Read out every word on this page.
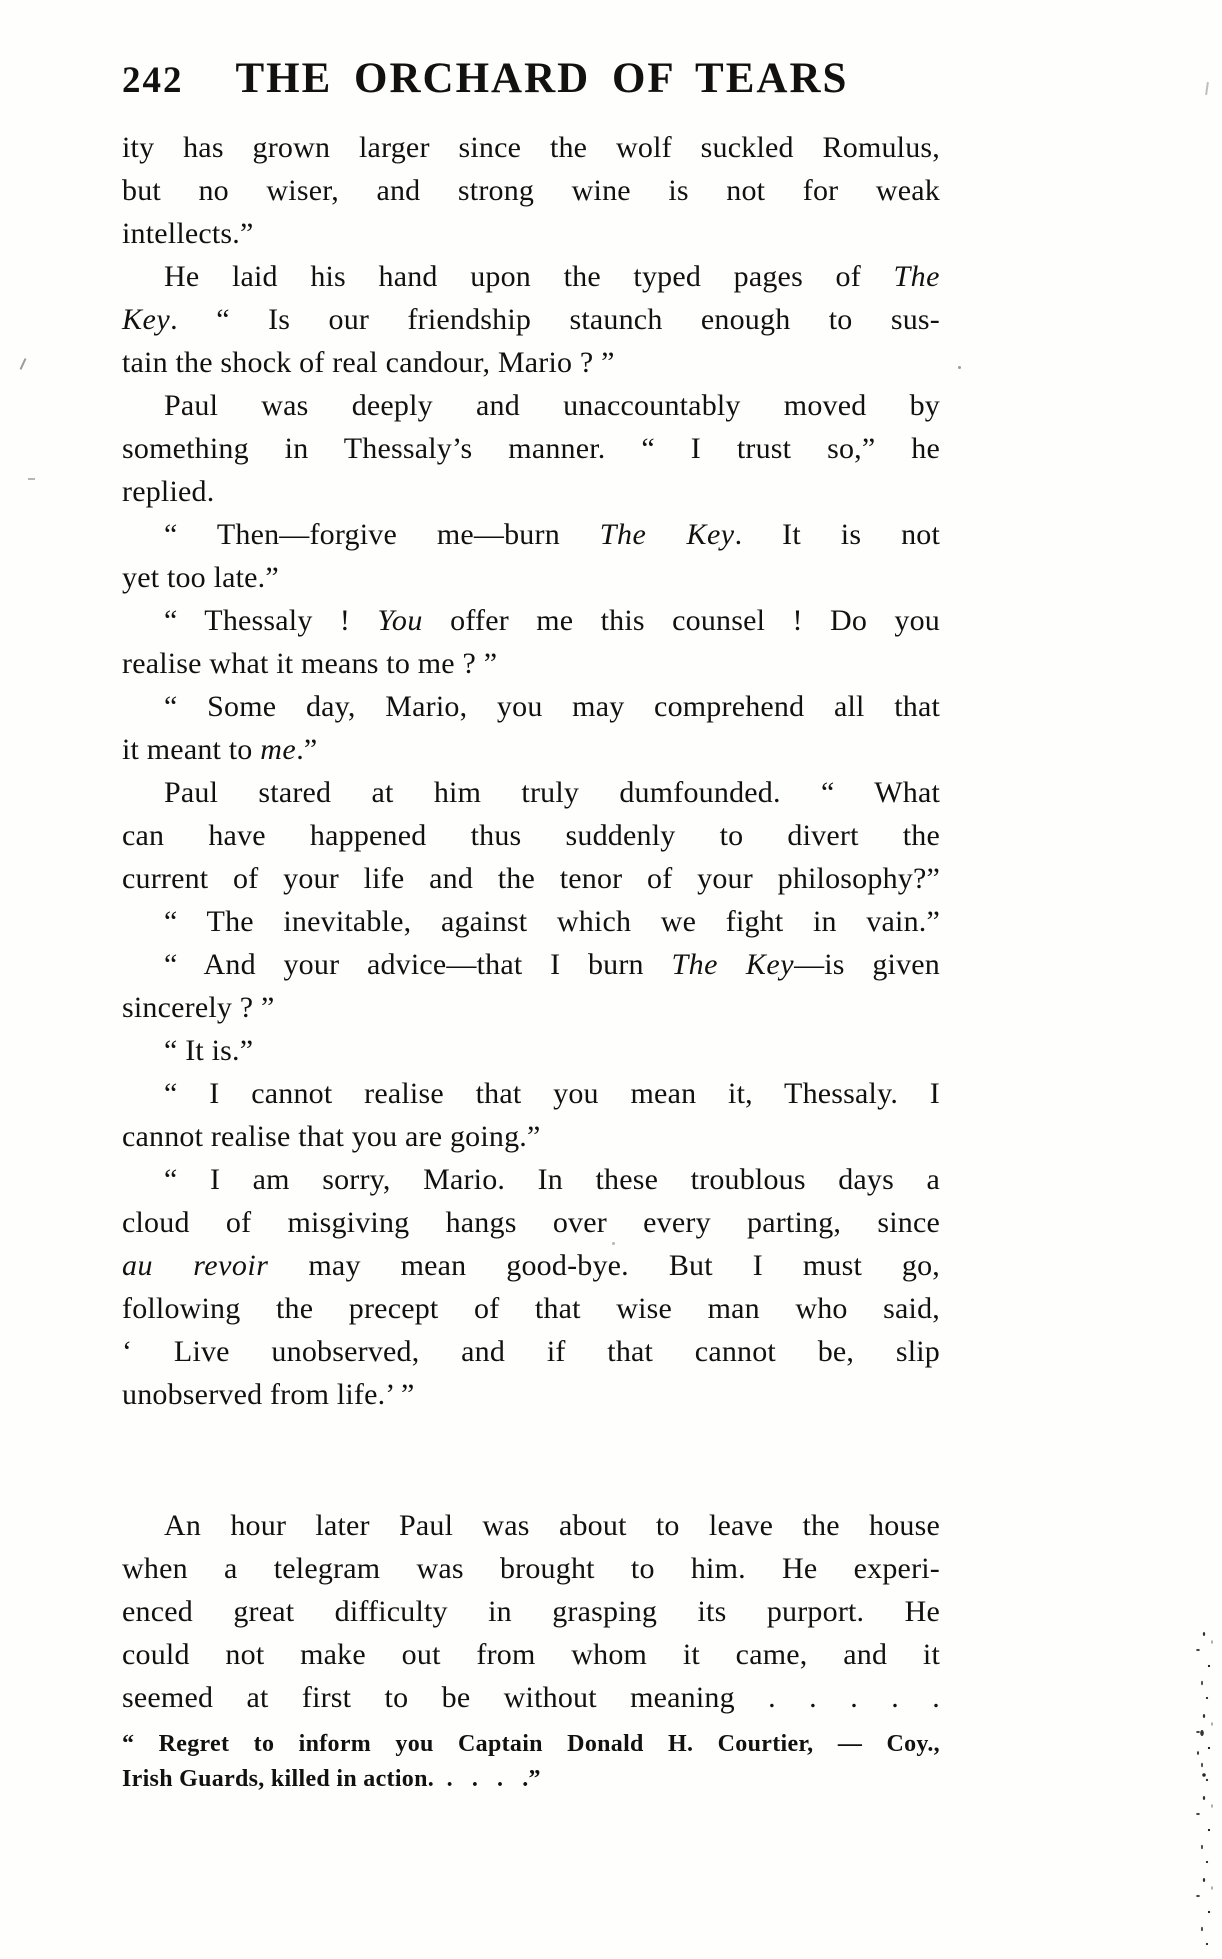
242 THE ORCHARD OF TEARS
ity has grown larger since the wolf suckled Romulus,
but no wiser, and strong wine is not for weak
intellects.”
He laid his hand upon the typed pages of The
Key. “ Is our friendship staunch enough to sus-
tain the shock of real candour, Mario ? ”
Paul was deeply and unaccountably moved by
something in Thessaly’s manner. “ I trust so,” he
replied.
“ Then—forgive me—burn The Key. It is not
yet too late.”
“ Thessaly ! You offer me this counsel ! Do you
realise what it means to me ? ”
“ Some day, Mario, you may comprehend all that
it meant to me.”
Paul stared at him truly dumfounded. “ What
can have happened thus suddenly to divert the
current of your life and the tenor of your philosophy?”
“ The inevitable, against which we fight in vain.”
“ And your advice—that I burn The Key—is given
sincerely ? ”
“ It is.”
“ I cannot realise that you mean it, Thessaly. I
cannot realise that you are going.”
“ I am sorry, Mario. In these troublous days a
cloud of misgiving hangs over every parting, since
au revoir may mean good-bye. But I must go,
following the precept of that wise man who said,
‘ Live unobserved, and if that cannot be, slip
unobserved from life.’ ”
An hour later Paul was about to leave the house
when a telegram was brought to him. He experi-
enced great difficulty in grasping its purport. He
could not make out from whom it came, and it
seemed at first to be without meaning . . . . .
“ Regret to inform you Captain Donald H. Courtier, — Coy.,
Irish Guards, killed in action.  .   .   .   .”
